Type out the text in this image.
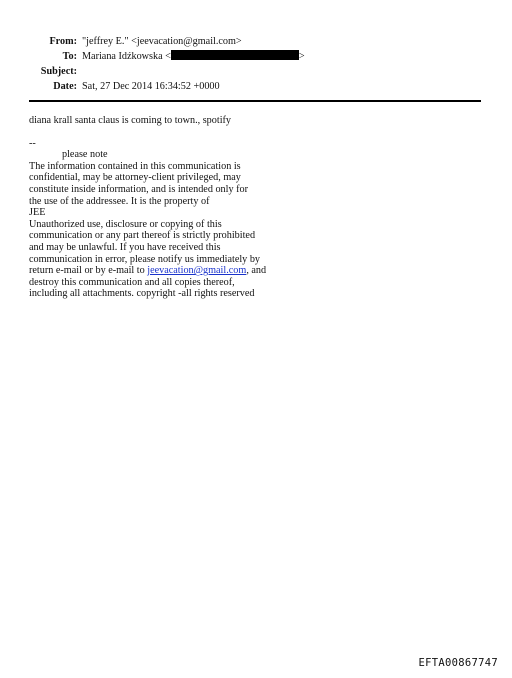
From: "jeffrey E." <jeevacation@gmail.com>
To: Mariana Idźkowska <	>
Subject:
Date: Sat, 27 Dec 2014 16:34:52 +0000
diana krall santa claus is coming to town., spotify
--
please note
The information contained in this communication is
confidential, may be attorney-client privileged, may
constitute inside information, and is intended only for
the use of the addressee. It is the property of
JEE
Unauthorized use, disclosure or copying of this
communication or any part thereof is strictly prohibited
and may be unlawful. If you have received this
communication in error, please notify us immediately by
return e-mail or by e-mail to jeevacation@gmail.com, and
destroy this communication and all copies thereof,
including all attachments. copyright -all rights reserved
EFTA00867747
